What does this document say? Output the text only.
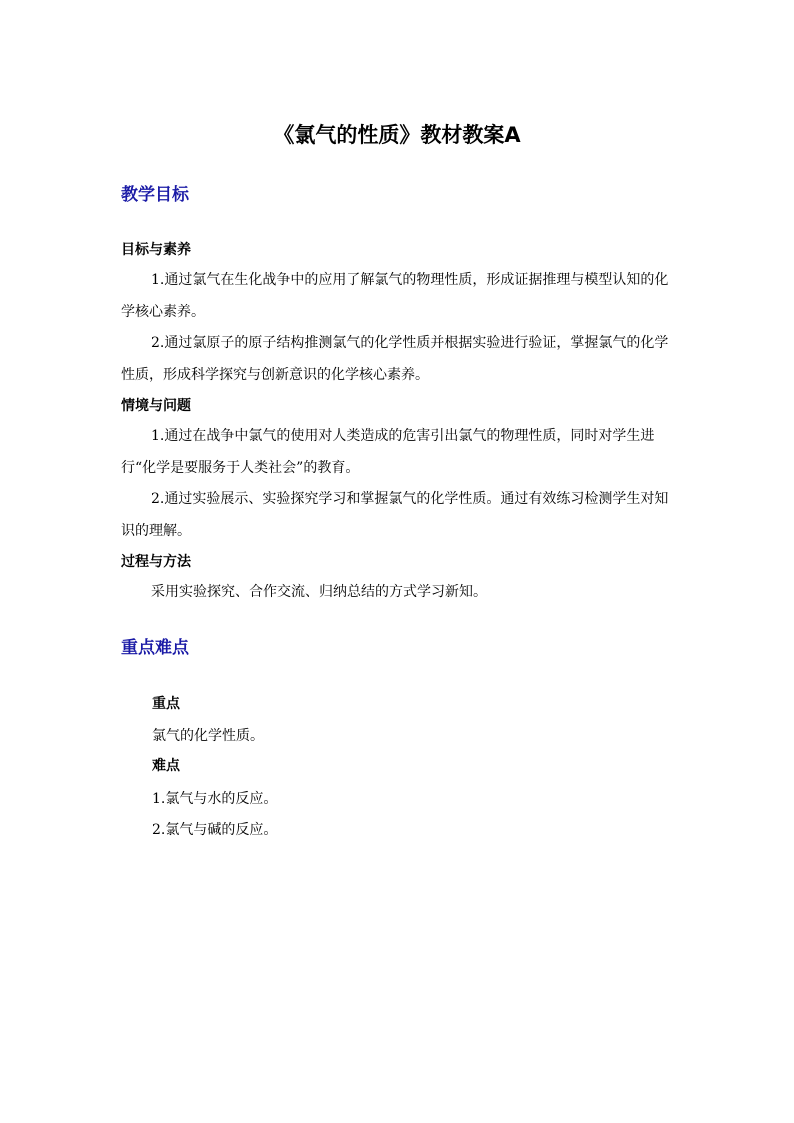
《氯气的性质》教材教案A
教学目标
目标与素养
1.通过氯气在生化战争中的应用了解氯气的物理性质，形成证据推理与模型认知的化学核心素养。
2.通过氯原子的原子结构推测氯气的化学性质并根据实验进行验证，掌握氯气的化学性质，形成科学探究与创新意识的化学核心素养。
情境与问题
1.通过在战争中氯气的使用对人类造成的危害引出氯气的物理性质，同时对学生进行“化学是要服务于人类社会”的教育。
2.通过实验展示、实验探究学习和掌握氯气的化学性质。通过有效练习检测学生对知识的理解。
过程与方法
采用实验探究、合作交流、归纳总结的方式学习新知。
重点难点
重点
氯气的化学性质。
难点
1.氯气与水的反应。
2.氯气与碱的反应。
